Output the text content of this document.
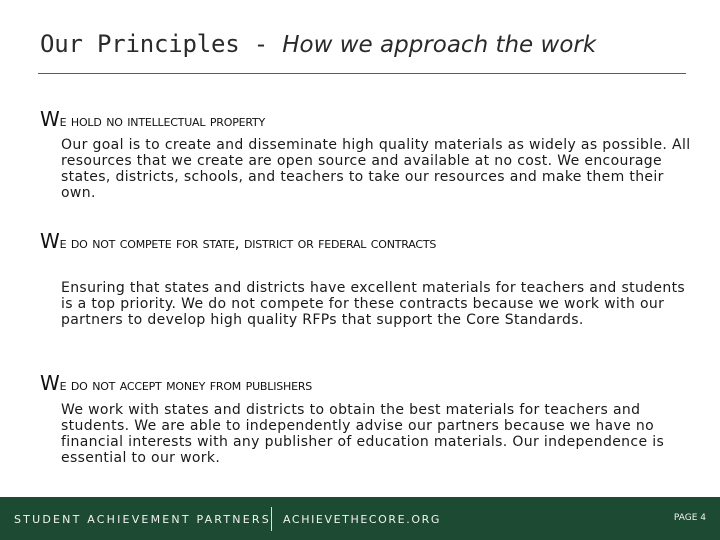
Our Principles - How we approach the work
We hold no intellectual property
Our goal is to create and disseminate high quality materials as widely as possible. All resources that we create are open source and available at no cost. We encourage states, districts, schools, and teachers to take our resources and make them their own.
We do not compete for state, district or federal contracts
Ensuring that states and districts have excellent materials for teachers and students is a top priority. We do not compete for these contracts because we work with our partners to develop high quality RFPs that support the Core Standards.
We do not accept money from publishers
We work with states and districts to obtain the best materials for teachers and students. We are able to independently advise our partners because we have no financial interests with any publisher of education materials. Our independence is essential to our work.
STUDENT ACHIEVEMENT PARTNERS ACHIEVETHECORE.ORG	PAGE 4
